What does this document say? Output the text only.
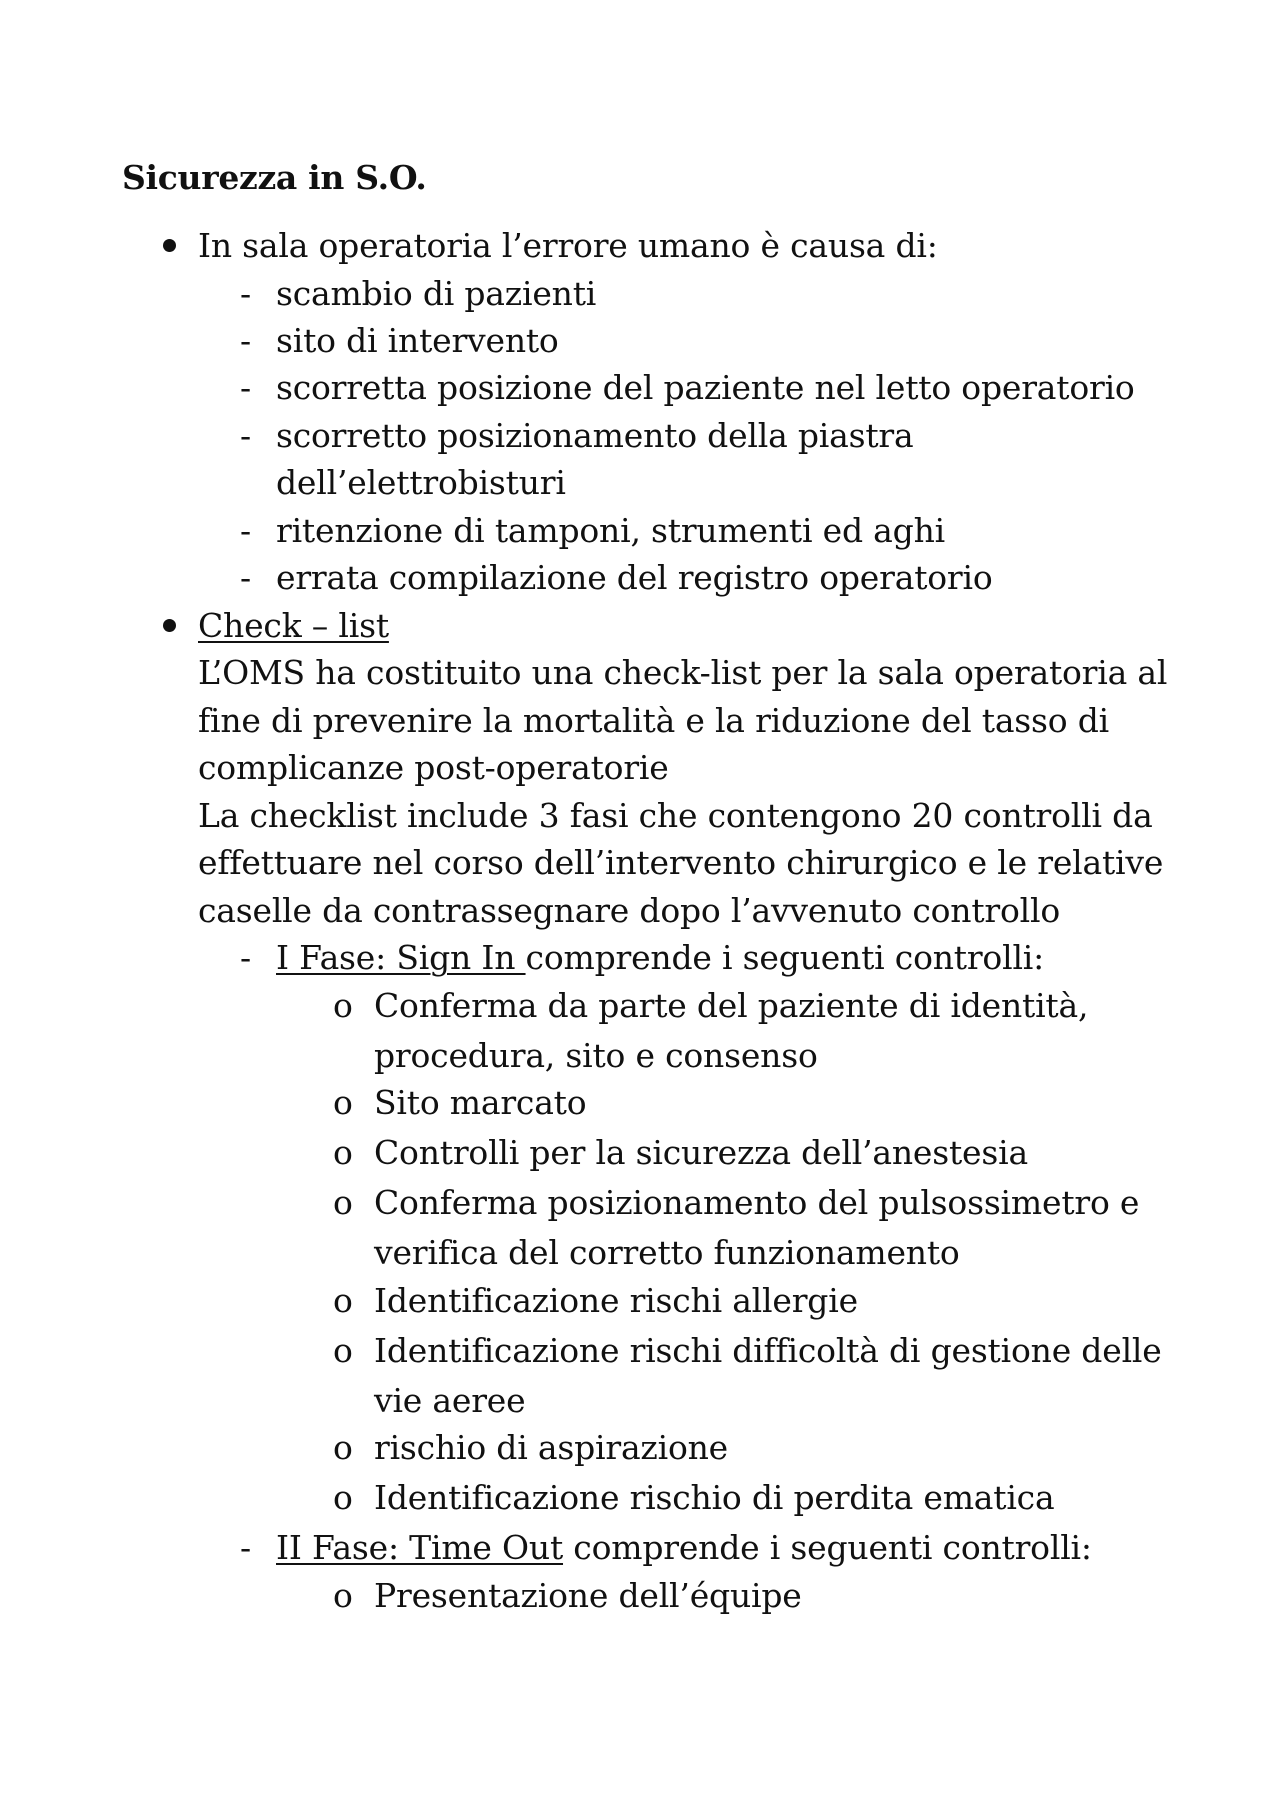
Sicurezza in S.O.
In sala operatoria l’errore umano è causa di:
- scambio di pazienti
- sito di intervento
- scorretta posizione del paziente nel letto operatorio
- scorretto posizionamento della piastra
dell’elettrobisturi
- ritenzione di tamponi, strumenti ed aghi
- errata compilazione del registro operatorio
Check – list
L’OMS ha costituito una check-list per la sala operatoria al
fine di prevenire la mortalità e la riduzione del tasso di
complicanze post-operatorie
La checklist include 3 fasi che contengono 20 controlli da
effettuare nel corso dell’intervento chirurgico e le relative
caselle da contrassegnare dopo l’avvenuto controllo
- I Fase: Sign In comprende i seguenti controlli:
o Conferma da parte del paziente di identità,
procedura, sito e consenso
o Sito marcato
o Controlli per la sicurezza dell’anestesia
o Conferma posizionamento del pulsossimetro e
verifica del corretto funzionamento
o Identificazione rischi allergie
o Identificazione rischi difficoltà di gestione delle
vie aeree
o rischio di aspirazione
o Identificazione rischio di perdita ematica
- II Fase: Time Out comprende i seguenti controlli:
o Presentazione dell’équipe
